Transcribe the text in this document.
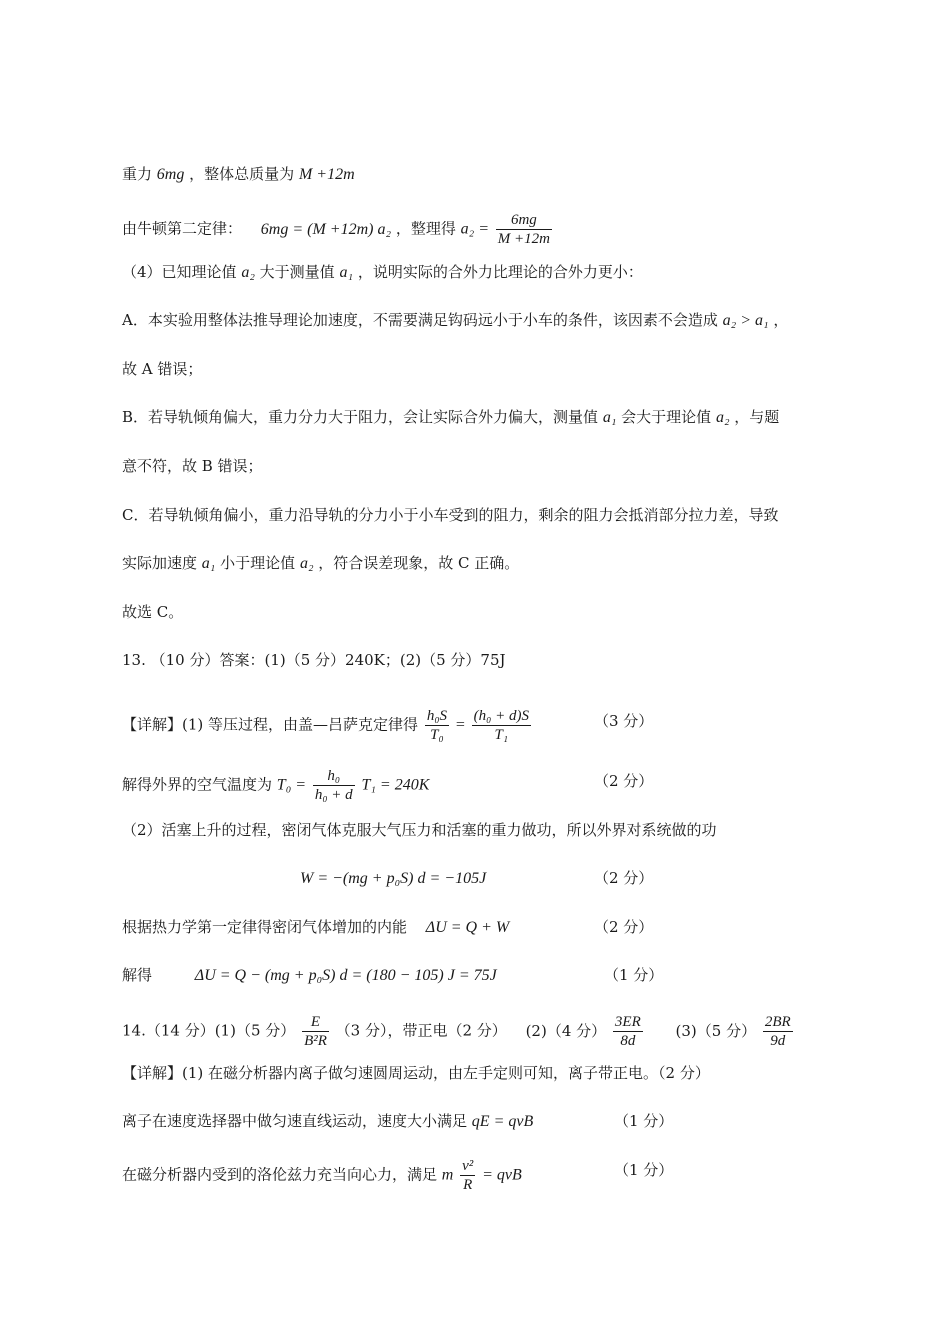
重力 6mg ，整体总质量为 M +12m
由牛顿第二定律： 6mg = (M +12m) a₂ ，整理得 $a_2 = \frac{6mg}{M +12m}$
（4）已知理论值 a₂ 大于测量值 a₁ ，说明实际的合外力比理论的合外力更小：
A．本实验用整体法推导理论加速度，不需要满足钩码远小于小车的条件，该因素不会造成 a₂ > a₁ ，
故 A 错误；
B．若导轨倾角偏大，重力分力大于阻力，会让实际合外力偏大，测量值 a₁ 会大于理论值 a₂ ，与题
意不符，故 B 错误；
C．若导轨倾角偏小，重力沿导轨的分力小于小车受到的阻力，剩余的阻力会抵消部分拉力差，导致
实际加速度 a₁ 小于理论值 a₂ ，符合误差现象，故 C 正确。
故选 C。
13. （10 分）答案：(1)（5 分）240K；(2)（5 分）75J
【详解】(1) 等压过程，由盖—吕萨克定律得 $\frac{\text{h₀S}}{\text{T₀}} = \frac{\text{(h₀ + d)S}}{\text{T₁}}$	（3 分）
解得外界的空气温度为 $T_0 = \frac{\text{h₀}}{\text{h₀ + d}} T_1 = 240K$	（2 分）
（2）活塞上升的过程，密闭气体克服大气压力和活塞的重力做功，所以外界对系统做的功
W = −(mg + p₀S) d = −105J	（2 分）
根据热力学第一定律得密闭气体增加的内能 ΔU = Q + W	（2 分）
解得	ΔU = Q − (mg + p₀S) d = (180 − 105) J = 75J	（1 分）
14.（14 分）(1)（5 分） $\frac{E}{\text{B²R}} (3$ 分），带正电（2 分） (2)（4 分） $\frac{3ER}{8d} (3)(5$ 分） $\frac{2BR}{9d}$
【详解】(1) 在磁分析器内离子做匀速圆周运动，由左手定则可知，离子带正电。（2 分）
离子在速度选择器中做匀速直线运动，速度大小满足 qE = qvB	（1 分）
在磁分析器内受到的洛伦兹力充当向心力，满足 m $\frac{\text{v²}}{R}$ = qvB	（1 分）
